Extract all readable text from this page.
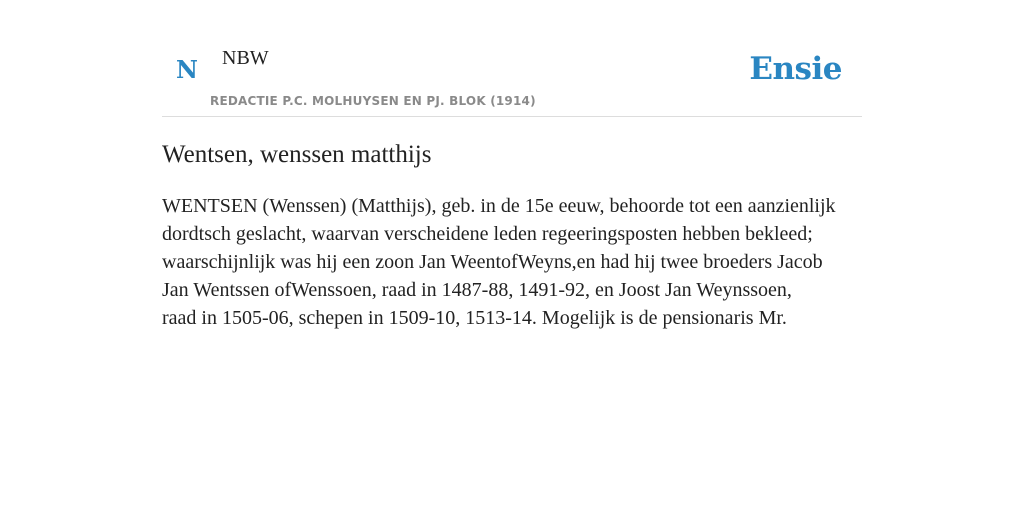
N NBW
REDACTIE P.C. MOLHUYSEN EN PJ. BLOK (1914)
Ensie
Wentsen, wenssen matthijs
WENTSEN (Wenssen) (Matthijs), geb. in de 15e eeuw, behoorde tot een aanzienlijk
dordtsch geslacht, waarvan verscheidene leden regeeringsposten hebben bekleed;
waarschijnlijk was hij een zoon Jan WeentofWeyns,en had hij twee broeders Jacob
Jan Wentssen ofWenssoen, raad in 1487-88, 1491-92, en Joost Jan Weynssoen,
raad in 1505-06, schepen in 1509-10, 1513-14. Mogelijk is de pensionaris Mr.
